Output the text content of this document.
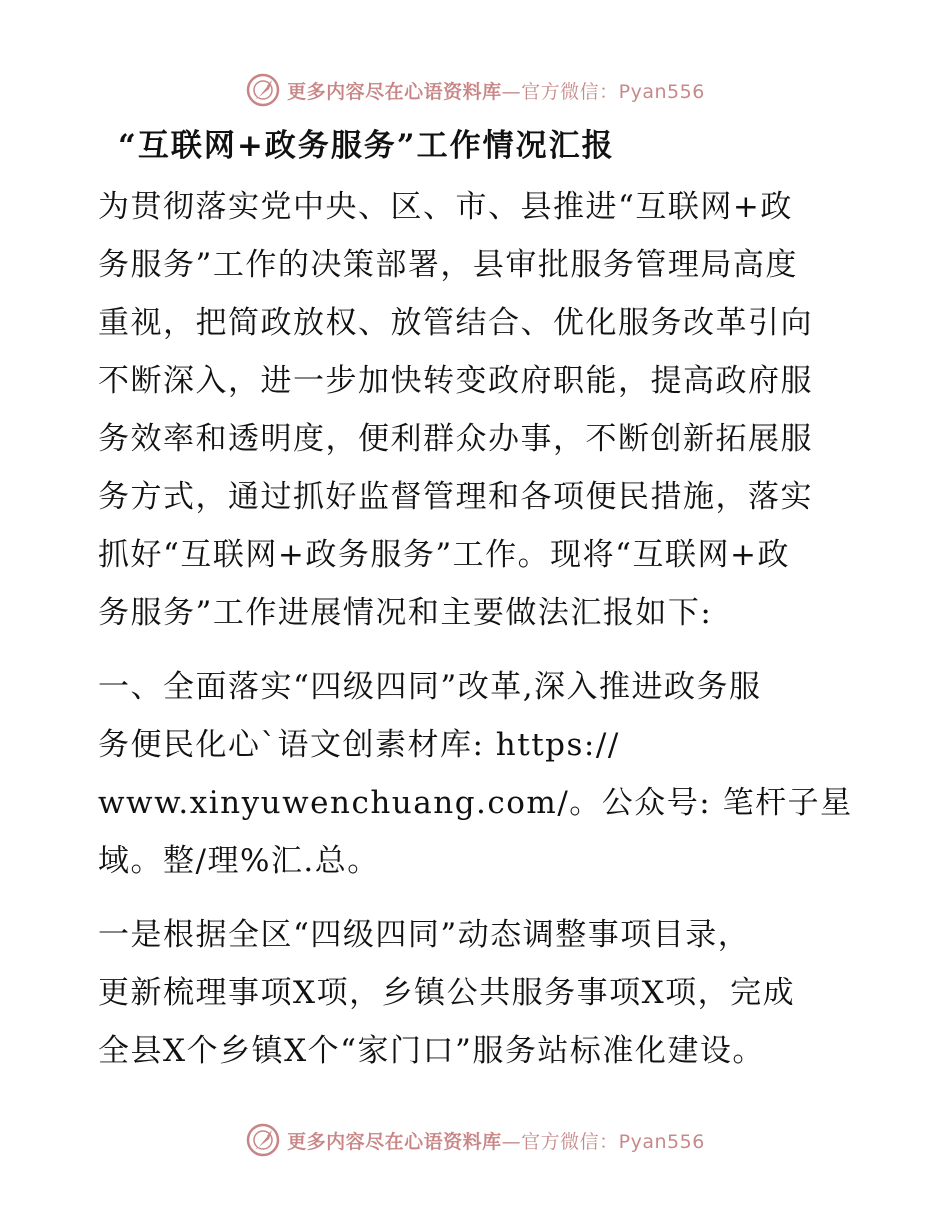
更多内容尽在心语资料库—官方微信：Pyan556
“互联网+政务服务”工作情况汇报

为贯彻落实党中央、区、市、县推进“互联网+政
务服务”工作的决策部署，县审批服务管理局高度
重视，把简政放权、放管结合、优化服务改革引向
不断深入，进一步加快转变政府职能，提高政府服
务效率和透明度，便利群众办事，不断创新拓展服
务方式，通过抓好监督管理和各项便民措施，落实
抓好“互联网+政务服务”工作。现将“互联网+政
务服务”工作进展情况和主要做法汇报如下:

一、全面落实“四级四同”改革,深入推进政务服
务便民化心`语文创素材库: https://
www.xinyuwenchuang.com/。公众号: 笔杆子星
域。整/理%汇.总。

一是根据全区“四级四同”动态调整事项目录，
更新梳理事项X项，乡镇公共服务事项X项，完成
全县X个乡镇X个“家门口”服务站标准化建设。

更多内容尽在心语资料库—官方微信：Pyan556
